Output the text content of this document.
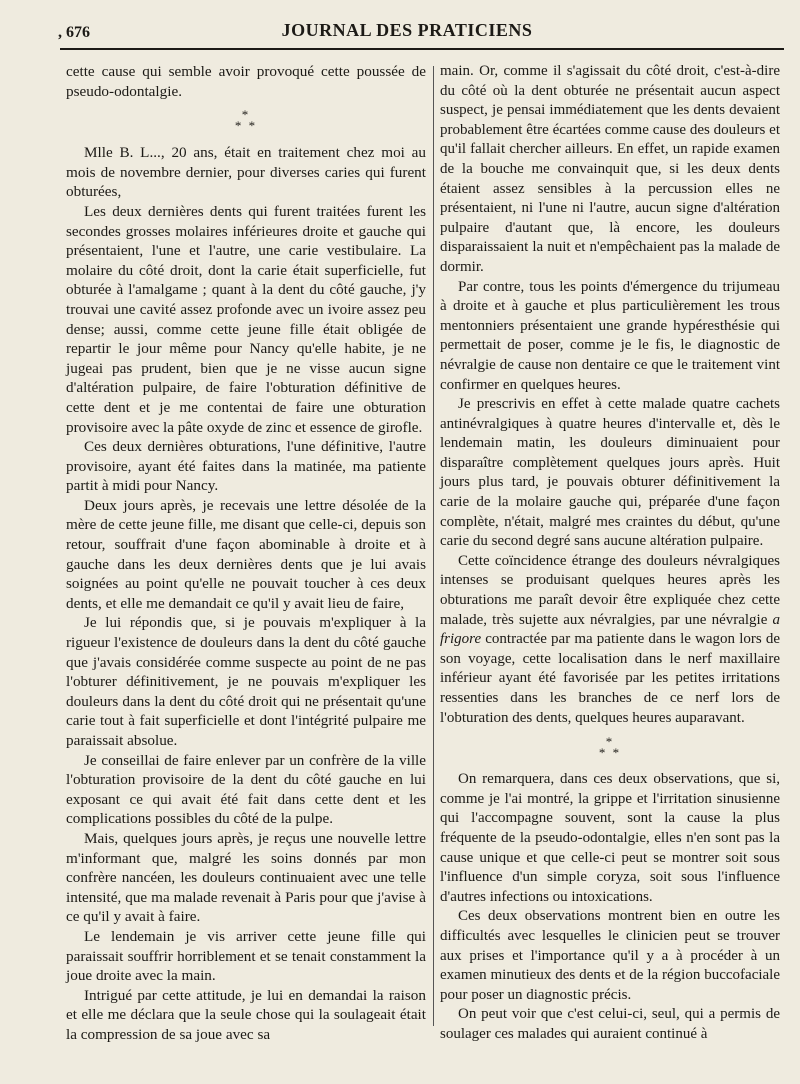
, 676	JOURNAL DES PRATICIENS

cette cause qui semble avoir provoqué cette poussée de pseudo-odontalgie.

*
* *

Mlle B. L..., 20 ans, était en traitement chez moi au mois de novembre dernier, pour diverses caries qui furent obturées,

Les deux dernières dents qui furent traitées furent les secondes grosses molaires inférieures droite et gauche qui présentaient, l'une et l'autre, une carie vestibulaire. La molaire du côté droit, dont la carie était superficielle, fut obturée à l'amalgame ; quant à la dent du côté gauche, j'y trouvai une cavité assez profonde avec un ivoire assez peu dense; aussi, comme cette jeune fille était obligée de repartir le jour même pour Nancy qu'elle habite, je ne jugeai pas prudent, bien que je ne visse aucun signe d'altération pulpaire, de faire l'obturation définitive de cette dent et je me contentai de faire une obturation provisoire avec la pâte oxyde de zinc et essence de girofle.

Ces deux dernières obturations, l'une définitive, l'autre provisoire, ayant été faites dans la matinée, ma patiente partit à midi pour Nancy.

Deux jours après, je recevais une lettre désolée de la mère de cette jeune fille, me disant que celle-ci, depuis son retour, souffrait d'une façon abominable à droite et à gauche dans les deux dernières dents que je lui avais soignées au point qu'elle ne pouvait toucher à ces deux dents, et elle me demandait ce qu'il y avait lieu de faire,

Je lui répondis que, si je pouvais m'expliquer à la rigueur l'existence de douleurs dans la dent du côté gauche que j'avais considérée comme suspecte au point de ne pas l'obturer définitivement, je ne pouvais m'expliquer les douleurs dans la dent du côté droit qui ne présentait qu'une carie tout à fait superficielle et dont l'intégrité pulpaire me paraissait absolue.

Je conseillai de faire enlever par un confrère de la ville l'obturation provisoire de la dent du côté gauche en lui exposant ce qui avait été fait dans cette dent et les complications possibles du côté de la pulpe.

Mais, quelques jours après, je reçus une nouvelle lettre m'informant que, malgré les soins donnés par mon confrère nancéen, les douleurs continuaient avec une telle intensité, que ma malade revenait à Paris pour que j'avise à ce qu'il y avait à faire.

Le lendemain je vis arriver cette jeune fille qui paraissait souffrir horriblement et se tenait constamment la joue droite avec la main.

Intrigué par cette attitude, je lui en demandai la raison et elle me déclara que la seule chose qui la soulageait était la compression de sa joue avec sa

main. Or, comme il s'agissait du côté droit, c'est-à-dire du côté où la dent obturée ne présentait aucun aspect suspect, je pensai immédiatement que les dents devaient probablement être écartées comme cause des douleurs et qu'il fallait chercher ailleurs. En effet, un rapide examen de la bouche me convainquit que, si les deux dents étaient assez sensibles à la percussion elles ne présentaient, ni l'une ni l'autre, aucun signe d'altération pulpaire d'autant que, là encore, les douleurs disparaissaient la nuit et n'empêchaient pas la malade de dormir.

Par contre, tous les points d'émergence du trijumeau à droite et à gauche et plus particulièrement les trous mentonniers présentaient une grande hypéresthésie qui permettait de poser, comme je le fis, le diagnostic de névralgie de cause non dentaire ce que le traitement vint confirmer en quelques heures.

Je prescrivis en effet à cette malade quatre cachets antinévralgiques à quatre heures d'intervalle et, dès le lendemain matin, les douleurs diminuaient pour disparaître complètement quelques jours après. Huit jours plus tard, je pouvais obturer définitivement la carie de la molaire gauche qui, préparée d'une façon complète, n'était, malgré mes craintes du début, qu'une carie du second degré sans aucune altération pulpaire.

Cette coïncidence étrange des douleurs névralgiques intenses se produisant quelques heures après les obturations me paraît devoir être expliquée chez cette malade, très sujette aux névralgies, par une névralgie a frigore contractée par ma patiente dans le wagon lors de son voyage, cette localisation dans le nerf maxillaire inférieur ayant été favorisée par les petites irritations ressenties dans les branches de ce nerf lors de l'obturation des dents, quelques heures auparavant.

*
* *

On remarquera, dans ces deux observations, que si, comme je l'ai montré, la grippe et l'irritation sinusienne qui l'accompagne souvent, sont la cause la plus fréquente de la pseudo-odontalgie, elles n'en sont pas la cause unique et que celle-ci peut se montrer soit sous l'influence d'un simple coryza, soit sous l'influence d'autres infections ou intoxications.

Ces deux observations montrent bien en outre les difficultés avec lesquelles le clinicien peut se trouver aux prises et l'importance qu'il y a à procéder à un examen minutieux des dents et de la région buccofaciale pour poser un diagnostic précis.

On peut voir que c'est celui-ci, seul, qui a permis de soulager ces malades qui auraient continué à
